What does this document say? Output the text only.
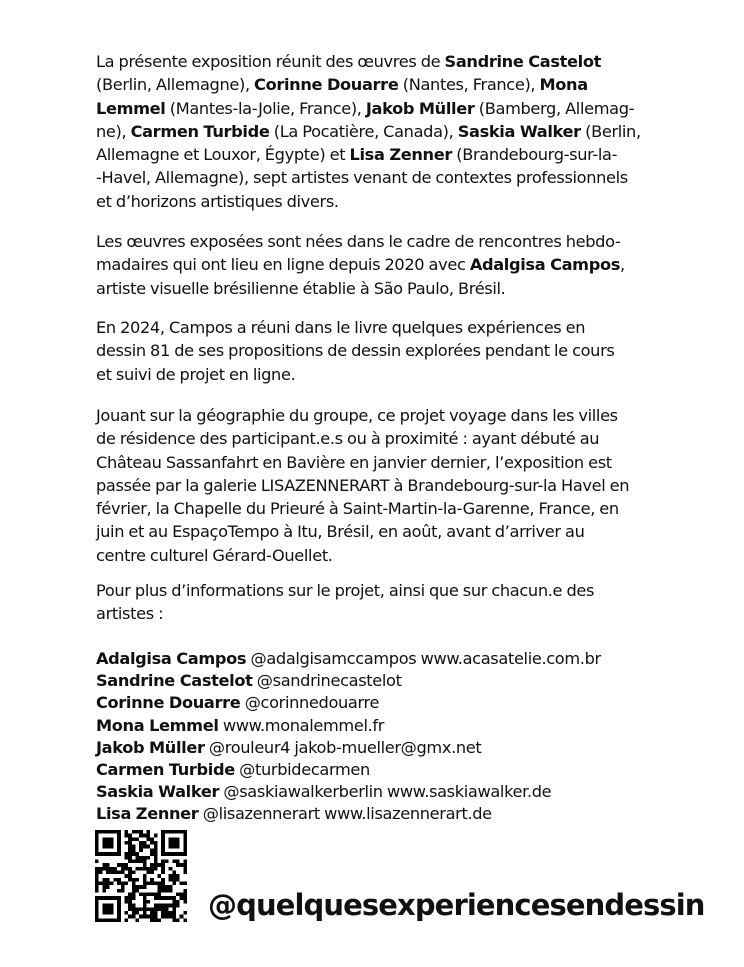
La présente exposition réunit des œuvres de Sandrine Castelot
(Berlin, Allemagne), Corinne Douarre (Nantes, France), Mona
Lemmel (Mantes-la-Jolie, France), Jakob Müller (Bamberg, Allemag-
ne), Carmen Turbide (La Pocatière, Canada), Saskia Walker (Berlin,
Allemagne et Louxor, Égypte) et Lisa Zenner (Brandebourg-sur-la-
-Havel, Allemagne), sept artistes venant de contextes professionnels
et d’horizons artistiques divers.
Les œuvres exposées sont nées dans le cadre de rencontres hebdo-
madaires qui ont lieu en ligne depuis 2020 avec Adalgisa Campos,
artiste visuelle brésilienne établie à São Paulo, Brésil.
En 2024, Campos a réuni dans le livre quelques expériences en
dessin 81 de ses propositions de dessin explorées pendant le cours
et suivi de projet en ligne.
Jouant sur la géographie du groupe, ce projet voyage dans les villes
de résidence des participant.e.s ou à proximité : ayant débuté au
Château Sassanfahrt en Bavière en janvier dernier, l’exposition est
passée par la galerie LISAZENNERART à Brandebourg-sur-la Havel en
février, la Chapelle du Prieuré à Saint-Martin-la-Garenne, France, en
juin et au EspaçoTempo à Itu, Brésil, en août, avant d’arriver au
centre culturel Gérard-Ouellet.
Pour plus d’informations sur le projet, ainsi que sur chacun.e des
artistes :
Adalgisa Campos @adalgisamccampos www.acasatelie.com.br
Sandrine Castelot @sandrinecastelot
Corinne Douarre @corinnedouarre
Mona Lemmel www.monalemmel.fr
Jakob Müller @rouleur4 jakob-mueller@gmx.net
Carmen Turbide @turbidecarmen
Saskia Walker @saskiawalkerberlin www.saskiawalker.de
Lisa Zenner @lisazennerart www.lisazennerart.de
@quelquesexperiencesendessin
